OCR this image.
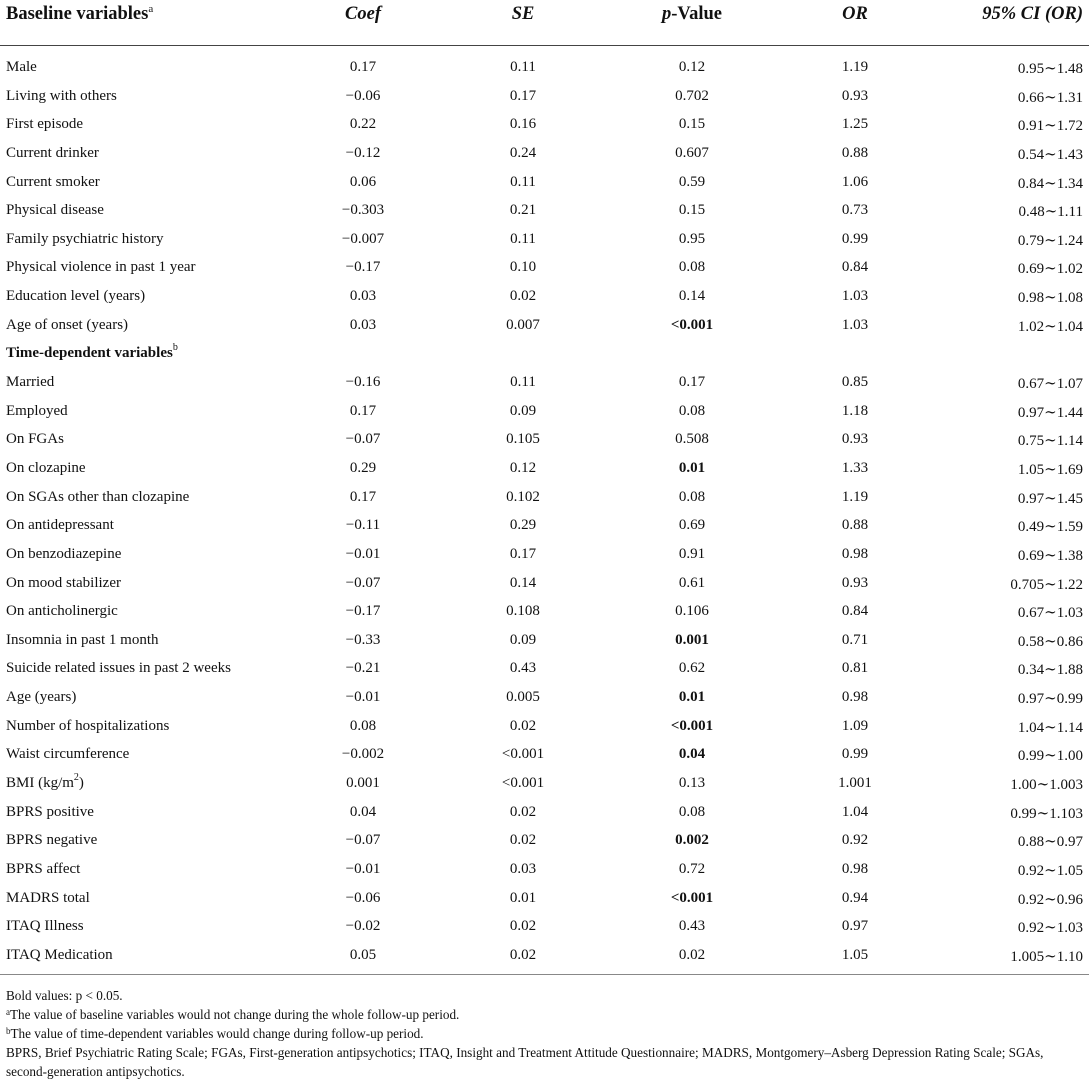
Baseline variables$^a$	Coef	SE	p-Value	OR	95% CI (OR)
Male	0.17	0.11	0.12	1.19	0.95∼1.48
Living with others	−0.06	0.17	0.702	0.93	0.66∼1.31
First episode	0.22	0.16	0.15	1.25	0.91∼1.72
Current drinker	−0.12	0.24	0.607	0.88	0.54∼1.43
Current smoker	0.06	0.11	0.59	1.06	0.84∼1.34
Physical disease	−0.303	0.21	0.15	0.73	0.48∼1.11
Family psychiatric history	−0.007	0.11	0.95	0.99	0.79∼1.24
Physical violence in past 1 year	−0.17	0.10	0.08	0.84	0.69∼1.02
Education level (years)	0.03	0.02	0.14	1.03	0.98∼1.08
Age of onset (years)	0.03	0.007	<0.001	1.03	1.02∼1.04
Time-dependent variables$^b$
Married	−0.16	0.11	0.17	0.85	0.67∼1.07
Employed	0.17	0.09	0.08	1.18	0.97∼1.44
On FGAs	−0.07	0.105	0.508	0.93	0.75∼1.14
On clozapine	0.29	0.12	0.01	1.33	1.05∼1.69
On SGAs other than clozapine	0.17	0.102	0.08	1.19	0.97∼1.45
On antidepressant	−0.11	0.29	0.69	0.88	0.49∼1.59
On benzodiazepine	−0.01	0.17	0.91	0.98	0.69∼1.38
On mood stabilizer	−0.07	0.14	0.61	0.93	0.705∼1.22
On anticholinergic	−0.17	0.108	0.106	0.84	0.67∼1.03
Insomnia in past 1 month	−0.33	0.09	0.001	0.71	0.58∼0.86
Suicide related issues in past 2 weeks	−0.21	0.43	0.62	0.81	0.34∼1.88
Age (years)	−0.01	0.005	0.01	0.98	0.97∼0.99
Number of hospitalizations	0.08	0.02	<0.001	1.09	1.04∼1.14
Waist circumference	−0.002	<0.001	0.04	0.99	0.99∼1.00
BMI $(kg/m^2)$	0.001	<0.001	0.13	1.001	1.00∼1.003
BPRS positive	0.04	0.02	0.08	1.04	0.99∼1.103
BPRS negative	−0.07	0.02	0.002	0.92	0.88∼0.97
BPRS affect	−0.01	0.03	0.72	0.98	0.92∼1.05
MADRS total	−0.06	0.01	<0.001	0.94	0.92∼0.96
ITAQ Illness	−0.02	0.02	0.43	0.97	0.92∼1.03
ITAQ Medication	0.05	0.02	0.02	1.05	1.005∼1.10

Bold values: p < 0.05.

$^a$The value of baseline variables would not change during the whole follow-up period.

$^b$The value of time-dependent variables would change during follow-up period.

BPRS, Brief Psychiatric Rating Scale; FGAs, First-generation antipsychotics; ITAQ, Insight and Treatment Attitude Questionnaire; MADRS, Montgomery–Asberg Depression Rating Scale; SGAs, second-generation antipsychotics.
